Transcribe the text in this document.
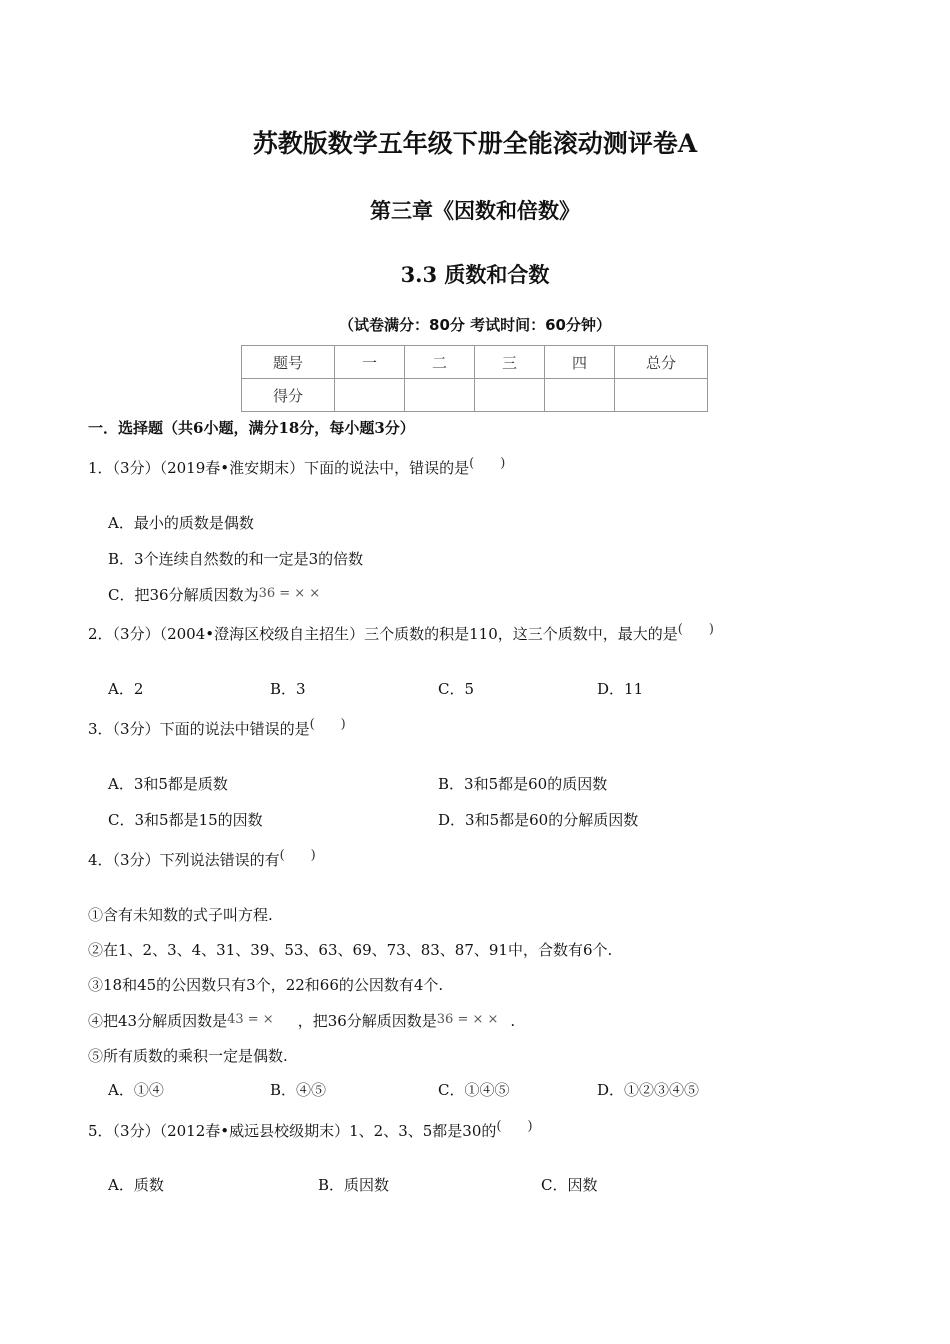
苏教版数学五年级下册全能滚动测评卷A
第三章《因数和倍数》
3.3 质数和合数
（试卷满分：80分 考试时间：60分钟）
题号	一	二	三	四	总分
得分					
一．选择题（共6小题，满分18分，每小题3分）
1．（3分）（2019春•淮安期末）下面的说法中，错误的是(　　)
A．最小的质数是偶数
B．3个连续自然数的和一定是3的倍数
C．把36分解质因数为36 = × ×
2．（3分）（2004•澄海区校级自主招生）三个质数的积是110，这三个质数中，最大的是(　　)
A．2	B．3	C．5	D．11
3．（3分）下面的说法中错误的是(　　)
A．3和5都是质数	B．3和5都是60的质因数
C．3和5都是15的因数	D．3和5都是60的分解质因数
4．（3分）下列说法错误的有(　　)
①含有未知数的式子叫方程.
②在1、2、3、4、31、39、53、63、69、73、83、87、91中，合数有6个.
③18和45的公因数只有3个，22和66的公因数有4个.
④把43分解质因数是43 = × ，把36分解质因数是36 = × × .
⑤所有质数的乘积一定是偶数.
A．①④	B．④⑤	C．①④⑤	D．①②③④⑤
5．（3分）（2012春•威远县校级期末）1、2、3、5都是30的(　　)
A．质数	B．质因数	C．因数
